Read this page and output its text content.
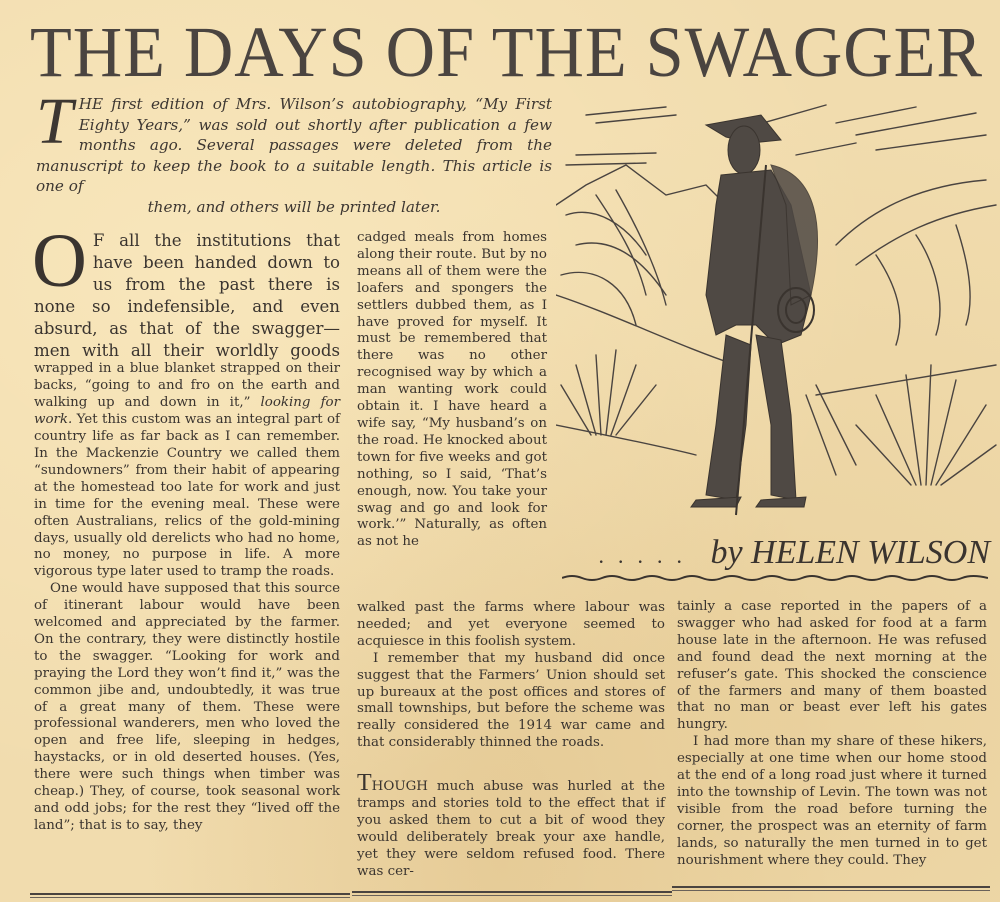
THE DAYS OF THE SWAGGER
T HE first edition of Mrs. Wilson’s autobiography, “My First Eighty Years,” was sold out shortly after publication a few months ago. Several passages were deleted from the manuscript to keep the book to a suitable length. This article is one of
them, and others will be printed later.

O F all the institutions that have been handed down to us from the past there is none so indefensible, and even absurd, as that of the swagger—men with all their worldly goods wrapped in a blue blanket strapped on their backs, “going to and fro on the earth and walking up and down in it,” looking for work. Yet this custom was an integral part of country life as far back as I can remember. In the Mackenzie Country we called them “sundowners” from their habit of appearing at the homestead too late for work and just in time for the evening meal. These were often Australians, relics of the gold-mining days, usually old derelicts who had no home, no money, no purpose in life. A more vigorous type later used to tramp the roads.

One would have supposed that this source of itinerant labour would have been welcomed and appreciated by the farmer. On the contrary, they were distinctly hostile to the swagger. “Looking for work and praying the Lord they won’t find it,” was the common jibe and, undoubtedly, it was true of a great many of them. These were professional wanderers, men who loved the open and free life, sleeping in hedges, haystacks, or in old deserted houses. (Yes, there were such things when timber was cheap.) They, of course, took seasonal work and odd jobs; for the rest they “lived off the land”; that is to say, they

cadged meals from homes along their route. But by no means all of them were the loafers and spongers the settlers dubbed them, as I have proved for myself. It must be remembered that there was no other recognised way by which a man wanting work could obtain it. I have heard a wife say, “My husband’s on the road. He knocked about town for five weeks and got nothing, so I said, ‘That’s enough, now. You take your swag and go and look for work.’” Naturally, as often as not he

walked past the farms where labour was needed; and yet everyone seemed to acquiesce in this foolish system.

I remember that my husband did once suggest that the Farmers’ Union should set up bureaux at the post offices and stores of small townships, but before the scheme was really considered the 1914 war came and that considerably thinned the roads.

THOUGH much abuse was hurled at the tramps and stories told to the effect that if you asked them to cut a bit of wood they would deliberately break your axe handle, yet they were seldom refused food. There was cer-

tainly a case reported in the papers of a swagger who had asked for food at a farm house late in the afternoon. He was refused and found dead the next morning at the refuser’s gate. This shocked the conscience of the farmers and many of them boasted that no man or beast ever left his gates hungry.

I had more than my share of these hikers, especially at one time when our home stood at the end of a long road just where it turned into the township of Levin. The town was not visible from the road before turning the corner, the prospect was an eternity of farm lands, so naturally the men turned in to get nourishment where they could. They

..... by HELEN WILSON
